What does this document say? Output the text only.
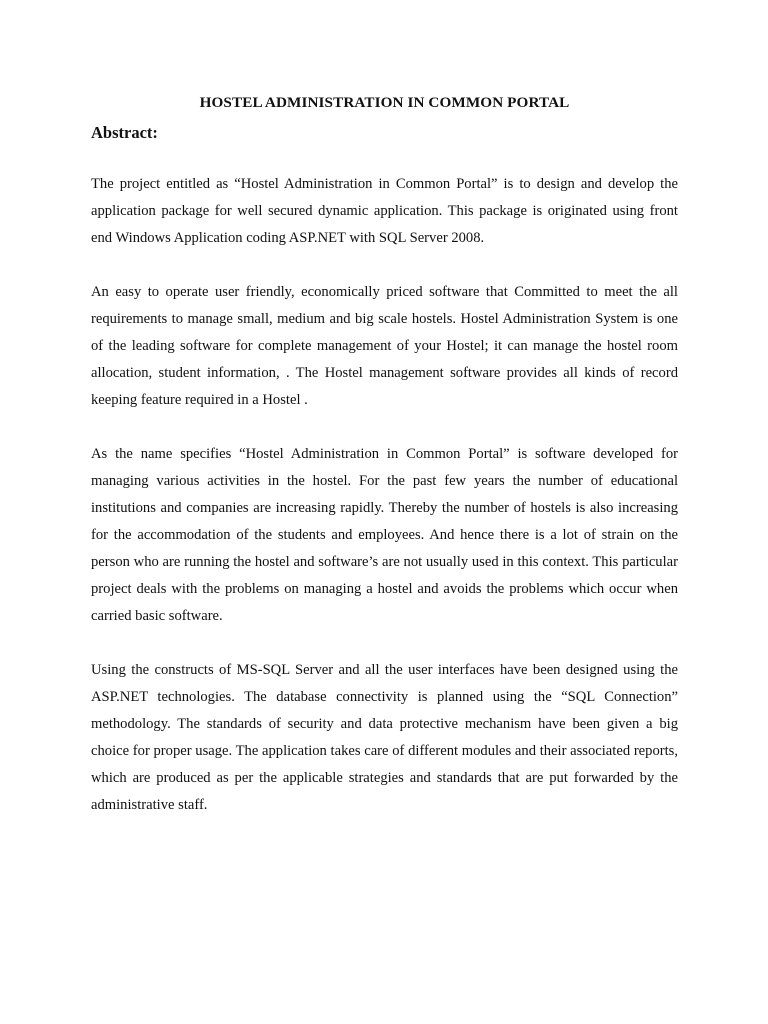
HOSTEL ADMINISTRATION IN COMMON PORTAL
Abstract:

The project entitled as “Hostel Administration in Common Portal” is to design and develop the application package for well secured dynamic application. This package is originated using front end Windows Application coding ASP.NET with SQL Server 2008.

An easy to operate user friendly, economically priced software that Committed to meet the all requirements to manage small, medium and big scale hostels. Hostel Administration System is one of the leading software for complete management of your Hostel; it can manage the hostel room allocation, student information, . The Hostel management software provides all kinds of record keeping feature required in a Hostel .

As the name specifies “Hostel Administration in Common Portal” is software developed for managing various activities in the hostel. For the past few years the number of educational institutions and companies are increasing rapidly. Thereby the number of hostels is also increasing for the accommodation of the students and employees. And hence there is a lot of strain on the person who are running the hostel and software’s are not usually used in this context. This particular project deals with the problems on managing a hostel and avoids the problems which occur when carried basic software.

Using the constructs of MS-SQL Server and all the user interfaces have been designed using the ASP.NET technologies. The database connectivity is planned using the “SQL Connection” methodology. The standards of security and data protective mechanism have been given a big choice for proper usage. The application takes care of different modules and their associated reports, which are produced as per the applicable strategies and standards that are put forwarded by the administrative staff.
